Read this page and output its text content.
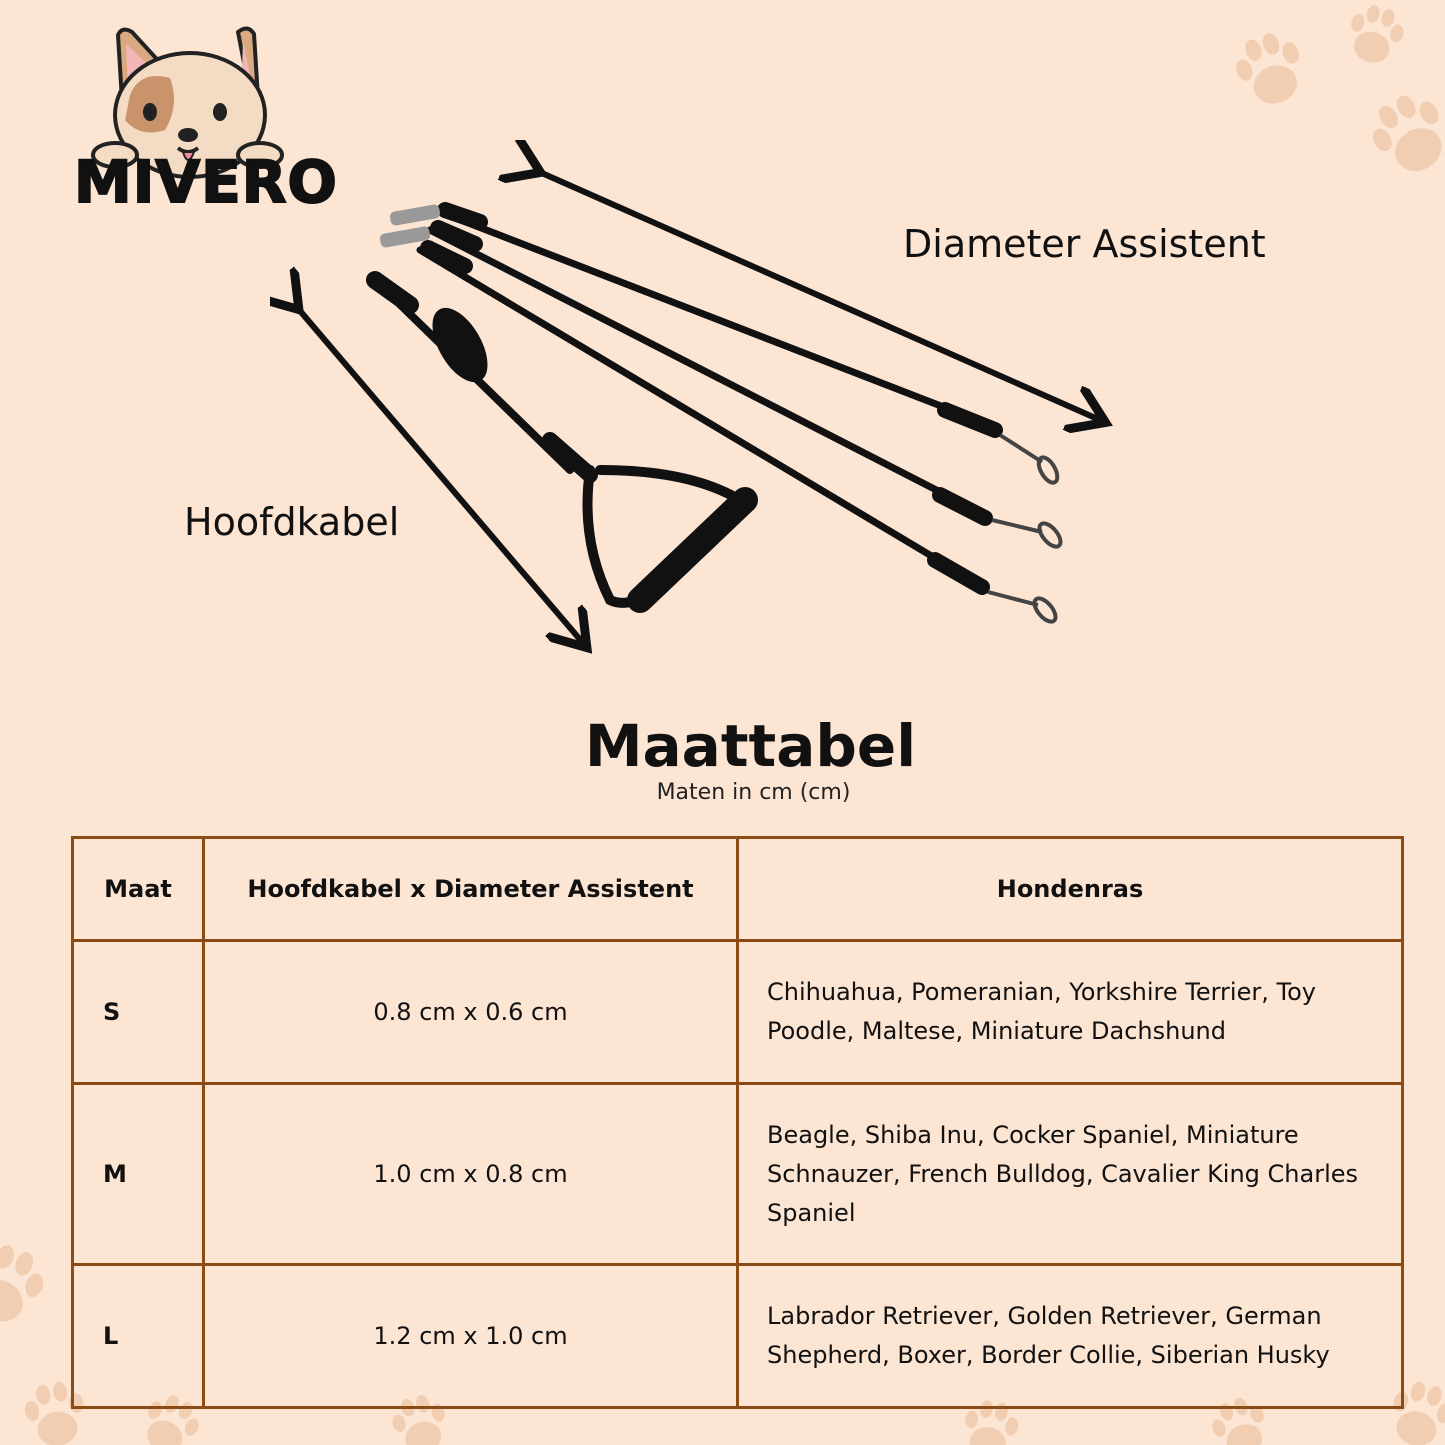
MIVERO
Diameter Assistent
Hoofdkabel
Maattabel
Maten in cm (cm)
Maat	Hoofdkabel x Diameter Assistent	Hondenras
S	0.8 cm x 0.6 cm	Chihuahua, Pomeranian, Yorkshire Terrier, Toy Poodle, Maltese, Miniature Dachshund
M	1.0 cm x 0.8 cm	Beagle, Shiba Inu, Cocker Spaniel, Miniature Schnauzer, French Bulldog, Cavalier King Charles Spaniel
L	1.2 cm x 1.0 cm	Labrador Retriever, Golden Retriever, German Shepherd, Boxer, Border Collie, Siberian Husky
